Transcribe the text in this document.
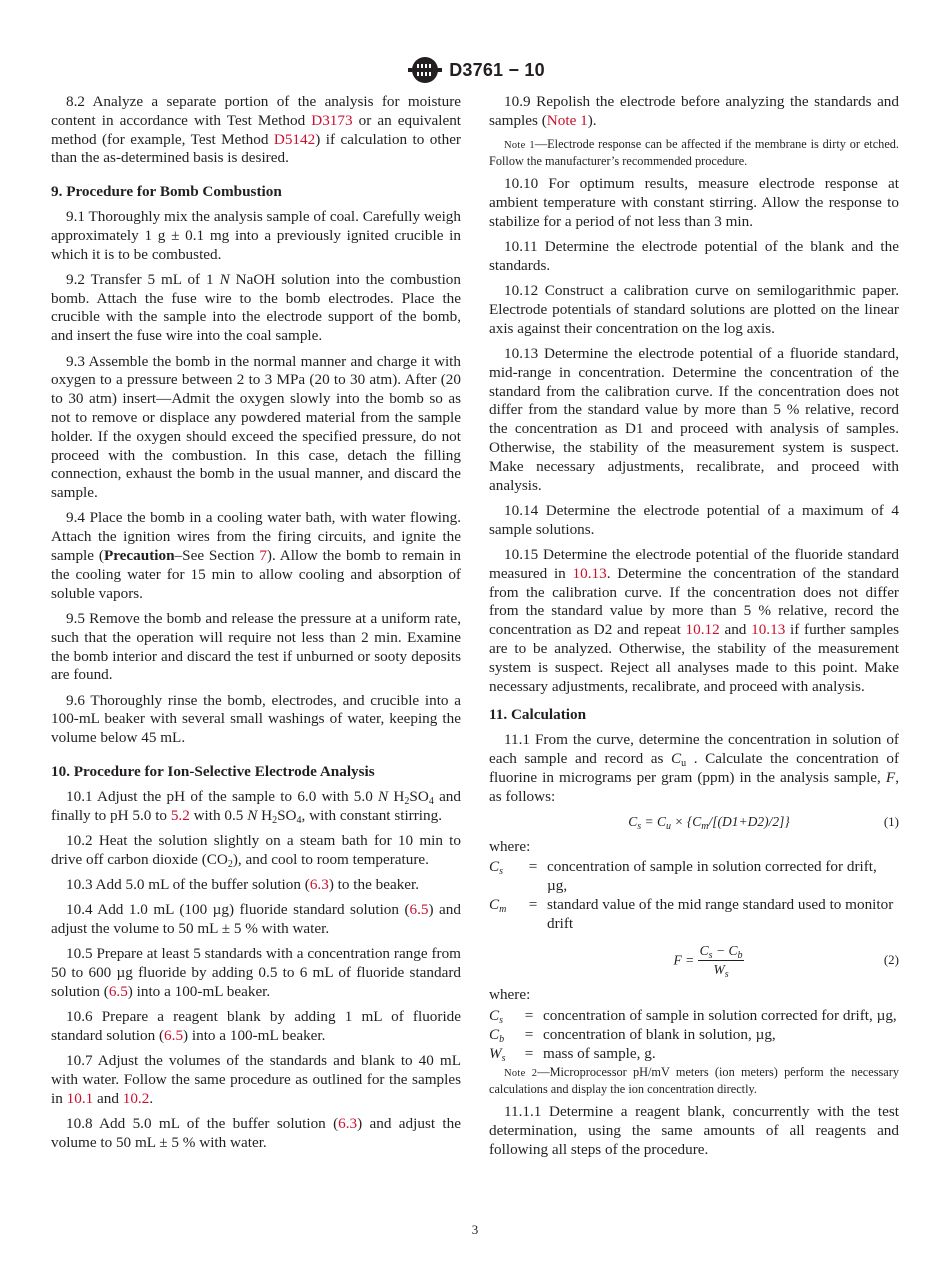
D3761 − 10

8.2 Analyze a separate portion of the analysis for moisture content in accordance with Test Method D3173 or an equivalent method (for example, Test Method D5142) if calculation to other than the as-determined basis is desired.

9. Procedure for Bomb Combustion

9.1 Thoroughly mix the analysis sample of coal. Carefully weigh approximately 1 g ± 0.1 mg into a previously ignited crucible in which it is to be combusted.

9.2 Transfer 5 mL of 1 N NaOH solution into the combustion bomb. Attach the fuse wire to the bomb electrodes. Place the crucible with the sample into the electrode support of the bomb, and insert the fuse wire into the coal sample.

9.3 Assemble the bomb in the normal manner and charge it with oxygen to a pressure between 2 to 3 MPa (20 to 30 atm). After (20 to 30 atm) insert—Admit the oxygen slowly into the bomb so as not to remove or displace any powdered material from the sample holder. If the oxygen should exceed the specified pressure, do not proceed with the combustion. In this case, detach the filling connection, exhaust the bomb in the usual manner, and discard the sample.

9.4 Place the bomb in a cooling water bath, with water flowing. Attach the ignition wires from the firing circuits, and ignite the sample (Precaution–See Section 7). Allow the bomb to remain in the cooling water for 15 min to allow cooling and absorption of soluble vapors.

9.5 Remove the bomb and release the pressure at a uniform rate, such that the operation will require not less than 2 min. Examine the bomb interior and discard the test if unburned or sooty deposits are found.

9.6 Thoroughly rinse the bomb, electrodes, and crucible into a 100-mL beaker with several small washings of water, keeping the volume below 45 mL.

10. Procedure for Ion-Selective Electrode Analysis

10.1 Adjust the pH of the sample to 6.0 with 5.0 N $H_2SO_4$ and finally to pH 5.0 to 5.2 with 0.5 N $H_2SO_4$, with constant stirring.

10.2 Heat the solution slightly on a steam bath for 10 min to drive off carbon dioxide $(CO_2)$, and cool to room temperature.

10.3 Add 5.0 mL of the buffer solution (6.3) to the beaker.

10.4 Add 1.0 mL (100 µg) fluoride standard solution (6.5) and adjust the volume to 50 mL ± 5 % with water.

10.5 Prepare at least 5 standards with a concentration range from 50 to 600 µg fluoride by adding 0.5 to 6 mL of fluoride standard solution (6.5) into a 100-mL beaker.

10.6 Prepare a reagent blank by adding 1 mL of fluoride standard solution (6.5) into a 100-mL beaker.

10.7 Adjust the volumes of the standards and blank to 40 mL with water. Follow the same procedure as outlined for the samples in 10.1 and 10.2.

10.8 Add 5.0 mL of the buffer solution (6.3) and adjust the volume to 50 mL ± 5 % with water.

10.9 Repolish the electrode before analyzing the standards and samples (Note 1).

Note 1—Electrode response can be affected if the membrane is dirty or etched. Follow the manufacturer’s recommended procedure.

10.10 For optimum results, measure electrode response at ambient temperature with constant stirring. Allow the response to stabilize for a period of not less than 3 min.

10.11 Determine the electrode potential of the blank and the standards.

10.12 Construct a calibration curve on semilogarithmic paper. Electrode potentials of standard solutions are plotted on the linear axis against their concentration on the log axis.

10.13 Determine the electrode potential of a fluoride standard, mid-range in concentration. Determine the concentration of the standard from the calibration curve. If the concentration does not differ from the standard value by more than 5 % relative, record the concentration as D1 and proceed with analysis of samples. Otherwise, the stability of the measurement system is suspect. Make necessary adjustments, recalibrate, and proceed with analysis.

10.14 Determine the electrode potential of a maximum of 4 sample solutions.

10.15 Determine the electrode potential of the fluoride standard measured in 10.13. Determine the concentration of the standard from the calibration curve. If the concentration does not differ from the standard value by more than 5 % relative, record the concentration as D2 and repeat 10.12 and 10.13 if further samples are to be analyzed. Otherwise, the stability of the measurement system is suspect. Reject all analyses made to this point. Make necessary adjustments, recalibrate, and proceed with analysis.

11. Calculation

11.1 From the curve, determine the concentration in solution of each sample and record as $C_u$ . Calculate the concentration of fluorine in micrograms per gram (ppm) in the analysis sample, F, as follows:

$C_s = C_u \times \{C_m/[(D1+D2)/2]\}$	(1)

where:

$C_s$	= concentration of sample in solution corrected for drift, µg,
$C_m$	= standard value of the mid range standard used to monitor drift
$F = \frac{C_s - C_b}{W_s}$	(2)

where:

$C_s$	= concentration of sample in solution corrected for drift, µg,
$C_b$	= concentration of blank in solution, µg,
$W_s$	= mass of sample, g.
Note 2—Microprocessor pH/mV meters (ion meters) perform the necessary calculations and display the ion concentration directly.

11.1.1 Determine a reagent blank, concurrently with the test determination, using the same amounts of all reagents and following all steps of the procedure.

3
